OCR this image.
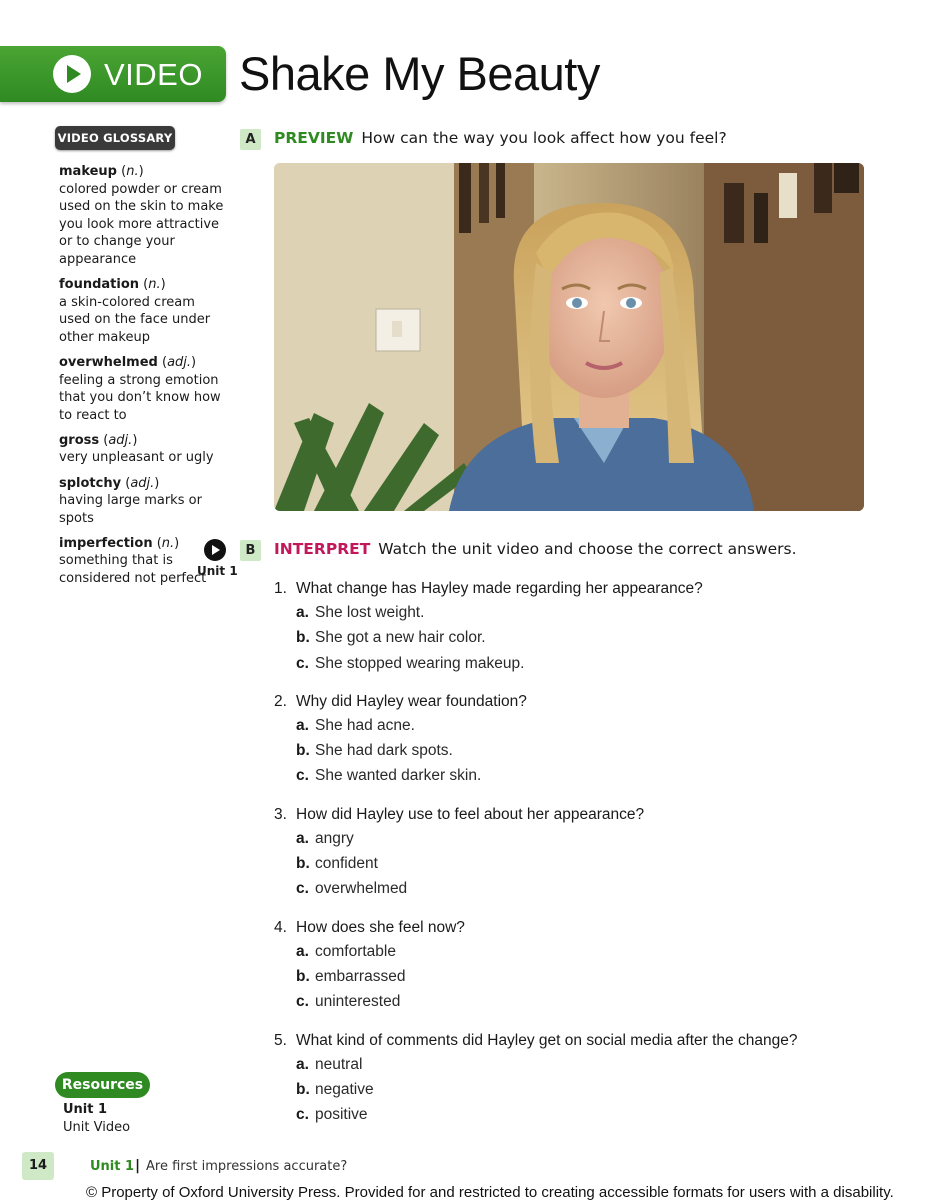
VIDEO Shake My Beauty
VIDEO GLOSSARY
makeup (n.)
colored powder or cream used on the skin to make you look more attractive or to change your appearance
foundation (n.)
a skin-colored cream used on the face under other makeup
overwhelmed (adj.)
feeling a strong emotion that you don’t know how to react to
gross (adj.)
very unpleasant or ugly
splotchy (adj.)
having large marks or spots
imperfection (n.)
something that is considered not perfect
A	PREVIEW How can the way you look affect how you feel?
Unit 1
B	INTERPRET Watch the unit video and choose the correct answers.
1. What change has Hayley made regarding her appearance?
a. She lost weight.
b. She got a new hair color.
c. She stopped wearing makeup.
2. Why did Hayley wear foundation?
a. She had acne.
b. She had dark spots.
c. She wanted darker skin.
3. How did Hayley use to feel about her appearance?
a. angry
b. confident
c. overwhelmed
4. How does she feel now?
a. comfortable
b. embarrassed
c. uninterested
5. What kind of comments did Hayley get on social media after the change?
a. neutral
b. negative
c. positive
Resources
Unit 1
Unit Video
14	Unit 1 | Are first impressions accurate?
© Property of Oxford University Press. Provided for and restricted to creating accessible formats for users with a disability.
